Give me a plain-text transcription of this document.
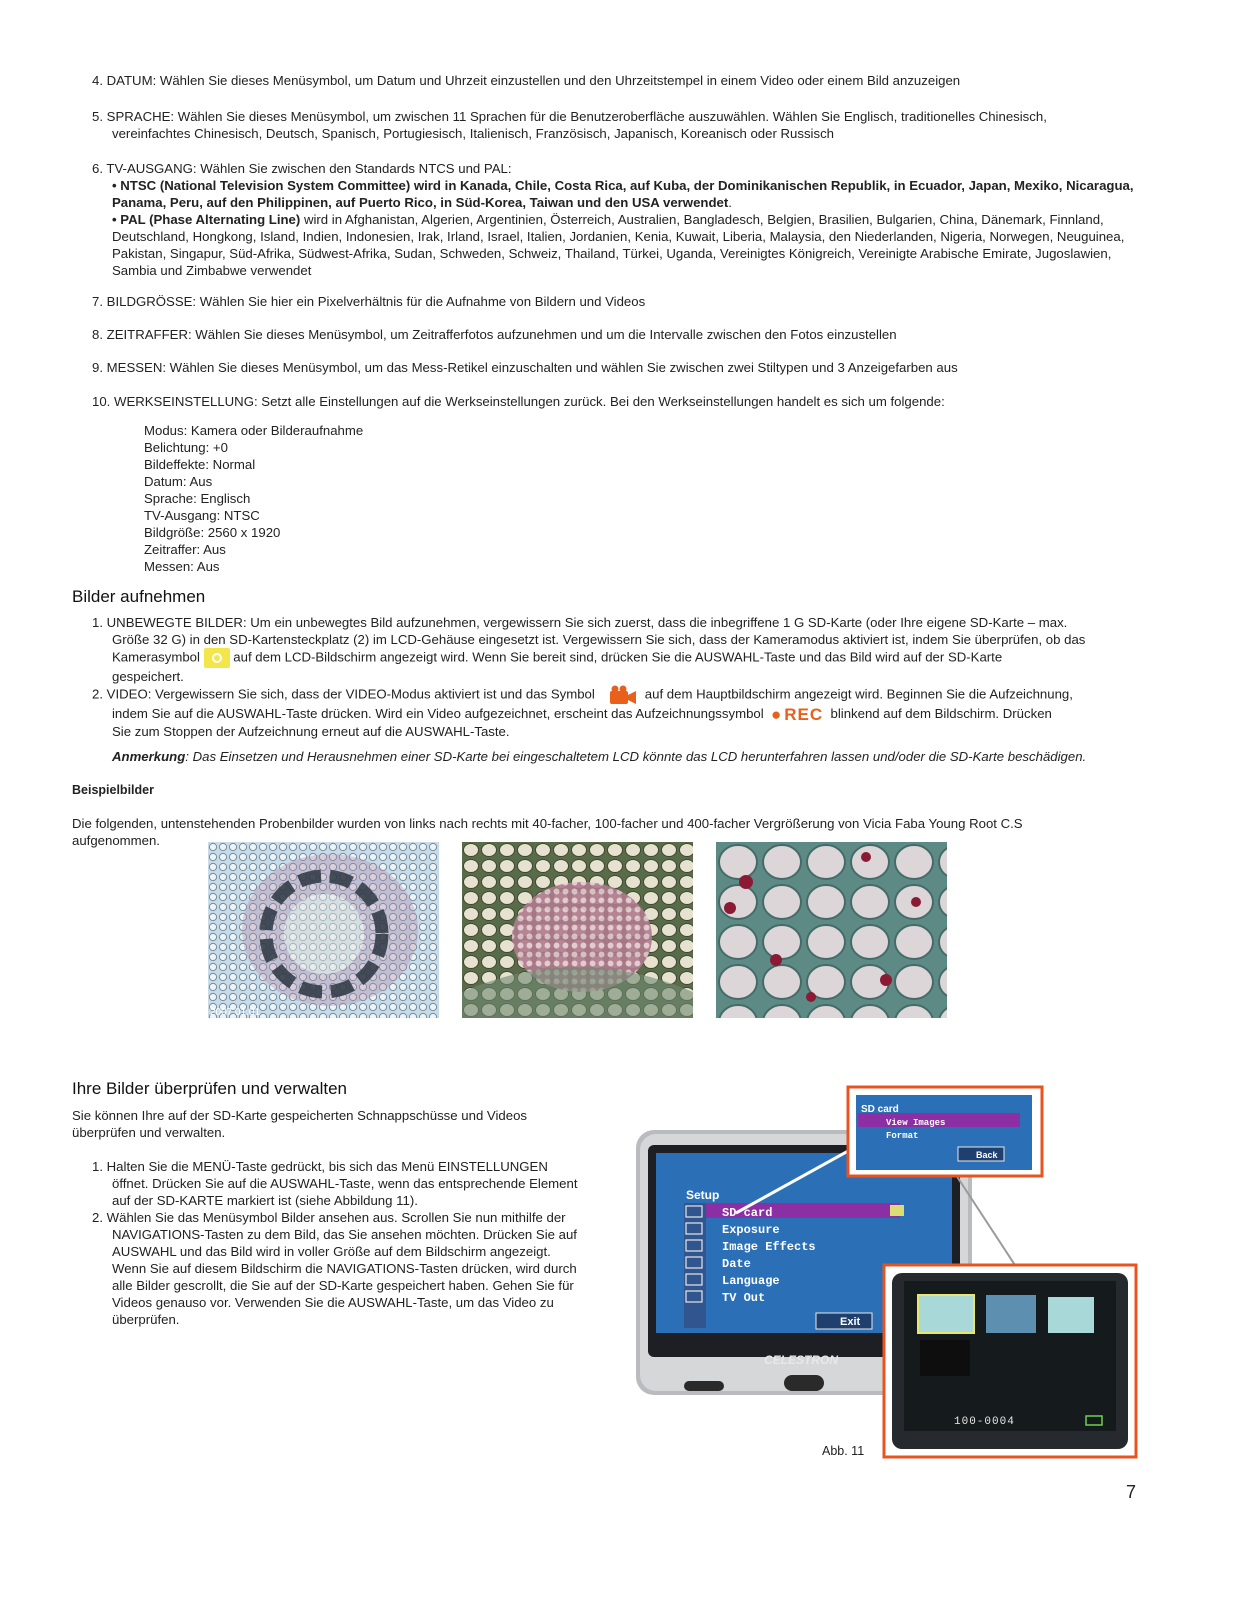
4. DATUM: Wählen Sie dieses Menüsymbol, um Datum und Uhrzeit einzustellen und den Uhrzeitstempel in einem Video oder einem Bild anzuzeigen
5. SPRACHE: Wählen Sie dieses Menüsymbol, um zwischen 11 Sprachen für die Benutzeroberfläche auszuwählen. Wählen Sie Englisch, traditionelles Chinesisch,
vereinfachtes Chinesisch, Deutsch, Spanisch, Portugiesisch, Italienisch, Französisch, Japanisch, Koreanisch oder Russisch
6. TV-AUSGANG: Wählen Sie zwischen den Standards NTCS und PAL:
• NTSC (National Television System Committee) wird in Kanada, Chile, Costa Rica, auf Kuba, der Dominikanischen Republik, in Ecuador, Japan, Mexiko, Nicaragua, Panama, Peru, auf den Philippinen, auf Puerto Rico, in Süd-Korea, Taiwan und den USA verwendet.
• PAL (Phase Alternating Line) wird in Afghanistan, Algerien, Argentinien, Österreich, Australien, Bangladesch, Belgien, Brasilien, Bulgarien, China, Dänemark, Finnland, Deutschland, Hongkong, Island, Indien, Indonesien, Irak, Irland, Israel, Italien, Jordanien, Kenia, Kuwait, Liberia, Malaysia, den Niederlanden, Nigeria, Norwegen, Neuguinea, Pakistan, Singapur, Süd-Afrika, Südwest-Afrika, Sudan, Schweden, Schweiz, Thailand, Türkei, Uganda, Vereinigtes Königreich, Vereinigte Arabische Emirate, Jugoslawien, Sambia und Zimbabwe verwendet
7. BILDGRÖSSE: Wählen Sie hier ein Pixelverhältnis für die Aufnahme von Bildern und Videos
8. ZEITRAFFER: Wählen Sie dieses Menüsymbol, um Zeitrafferfotos aufzunehmen und um die Intervalle zwischen den Fotos einzustellen
9. MESSEN: Wählen Sie dieses Menüsymbol, um das Mess-Retikel einzuschalten und wählen Sie zwischen zwei Stiltypen und 3 Anzeigefarben aus
10. WERKSEINSTELLUNG: Setzt alle Einstellungen auf die Werkseinstellungen zurück. Bei den Werkseinstellungen handelt es sich um folgende:
Modus: Kamera oder Bilderaufnahme
Belichtung: +0
Bildeffekte: Normal
Datum: Aus
Sprache: Englisch
TV-Ausgang: NTSC
Bildgröße: 2560 x 1920
Zeitraffer: Aus
Messen: Aus
Bilder aufnehmen
1. UNBEWEGTE BILDER: Um ein unbewegtes Bild aufzunehmen, vergewissern Sie sich zuerst, dass die inbegriffene 1 G SD-Karte (oder Ihre eigene SD-Karte – max.
Größe 32 G) in den SD-Kartensteckplatz (2) im LCD-Gehäuse eingesetzt ist. Vergewissern Sie sich, dass der Kameramodus aktiviert ist, indem Sie überprüfen, ob das
Kamerasymbol	auf dem LCD-Bildschirm angezeigt wird. Wenn Sie bereit sind, drücken Sie die AUSWAHL-Taste und das Bild wird auf der SD-Karte
gespeichert.
2. VIDEO: Vergewissern Sie sich, dass der VIDEO-Modus aktiviert ist und das Symbol	auf dem Hauptbildschirm angezeigt wird. Beginnen Sie die Aufzeichnung,
indem Sie auf die AUSWAHL-Taste drücken. Wird ein Video aufgezeichnet, erscheint das Aufzeichnungssymbol  ● REC blinkend auf dem Bildschirm. Drücken
Sie zum Stoppen der Aufzeichnung erneut auf die AUSWAHL-Taste.
Anmerkung: Das Einsetzen und Herausnehmen einer SD-Karte bei eingeschaltetem LCD könnte das LCD herunterfahren lassen und/oder die SD-Karte beschädigen.
Beispielbilder
Die folgenden, untenstehenden Probenbilder wurden von links nach rechts mit 40-facher, 100-facher und 400-facher Vergrößerung von Vicia Faba Young Root C.S
aufgenommen.
2007.01.01
Ihre Bilder überprüfen und verwalten
Sie können Ihre auf der SD-Karte gespeicherten Schnappschüsse und Videos
überprüfen und verwalten.
1. Halten Sie die MENÜ-Taste gedrückt, bis sich das Menü EINSTELLUNGEN
öffnet. Drücken Sie auf die AUSWAHL-Taste, wenn das entsprechende Element
auf der SD-KARTE markiert ist (siehe Abbildung 11).
2. Wählen Sie das Menüsymbol Bilder ansehen aus. Scrollen Sie nun mithilfe der
NAVIGATIONS-Tasten zu dem Bild, das Sie ansehen möchten. Drücken Sie auf
AUSWAHL und das Bild wird in voller Größe auf dem Bildschirm angezeigt.
Wenn Sie auf diesem Bildschirm die NAVIGATIONS-Tasten drücken, wird durch
alle Bilder gescrollt, die Sie auf der SD-Karte gespeichert haben. Gehen Sie für
Videos genauso vor. Verwenden Sie die AUSWAHL-Taste, um das Video zu
überprüfen.
Setup
SD card
Exposure
Image Effects
Date
Language
TV Out
Exit
CELESTRON
SD card
View Images
Format
Back
100-0004
Abb. 11
7
